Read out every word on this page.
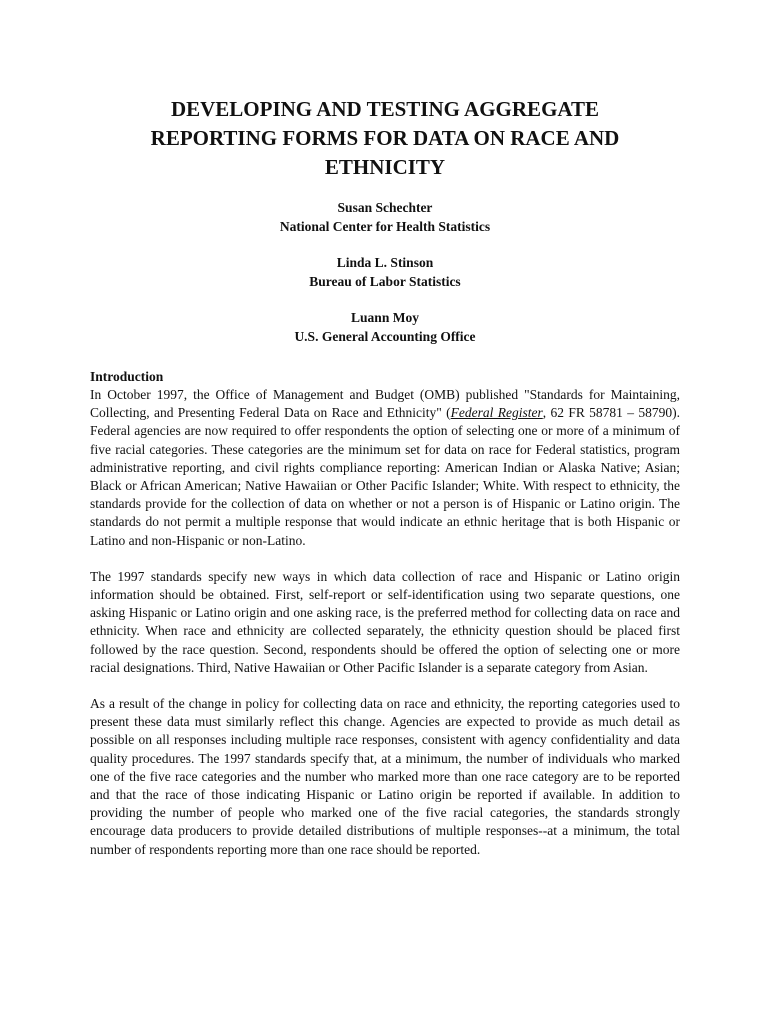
DEVELOPING AND TESTING AGGREGATE REPORTING FORMS FOR DATA ON RACE AND ETHNICITY
Susan Schechter
National Center for Health Statistics
Linda L. Stinson
Bureau of Labor Statistics
Luann Moy
U.S. General Accounting Office
Introduction

In October 1997, the Office of Management and Budget (OMB) published "Standards for Maintaining, Collecting, and Presenting Federal Data on Race and Ethnicity" (Federal Register, 62 FR 58781 – 58790). Federal agencies are now required to offer respondents the option of selecting one or more of a minimum of five racial categories. These categories are the minimum set for data on race for Federal statistics, program administrative reporting, and civil rights compliance reporting: American Indian or Alaska Native; Asian; Black or African American; Native Hawaiian or Other Pacific Islander; White. With respect to ethnicity, the standards provide for the collection of data on whether or not a person is of Hispanic or Latino origin. The standards do not permit a multiple response that would indicate an ethnic heritage that is both Hispanic or Latino and non-Hispanic or non-Latino.

The 1997 standards specify new ways in which data collection of race and Hispanic or Latino origin information should be obtained. First, self-report or self-identification using two separate questions, one asking Hispanic or Latino origin and one asking race, is the preferred method for collecting data on race and ethnicity. When race and ethnicity are collected separately, the ethnicity question should be placed first followed by the race question. Second, respondents should be offered the option of selecting one or more racial designations. Third, Native Hawaiian or Other Pacific Islander is a separate category from Asian.

As a result of the change in policy for collecting data on race and ethnicity, the reporting categories used to present these data must similarly reflect this change. Agencies are expected to provide as much detail as possible on all responses including multiple race responses, consistent with agency confidentiality and data quality procedures. The 1997 standards specify that, at a minimum, the number of individuals who marked one of the five race categories and the number who marked more than one race category are to be reported and that the race of those indicating Hispanic or Latino origin be reported if available. In addition to providing the number of people who marked one of the five racial categories, the standards strongly encourage data producers to provide detailed distributions of multiple responses--at a minimum, the total number of respondents reporting more than one race should be reported.
